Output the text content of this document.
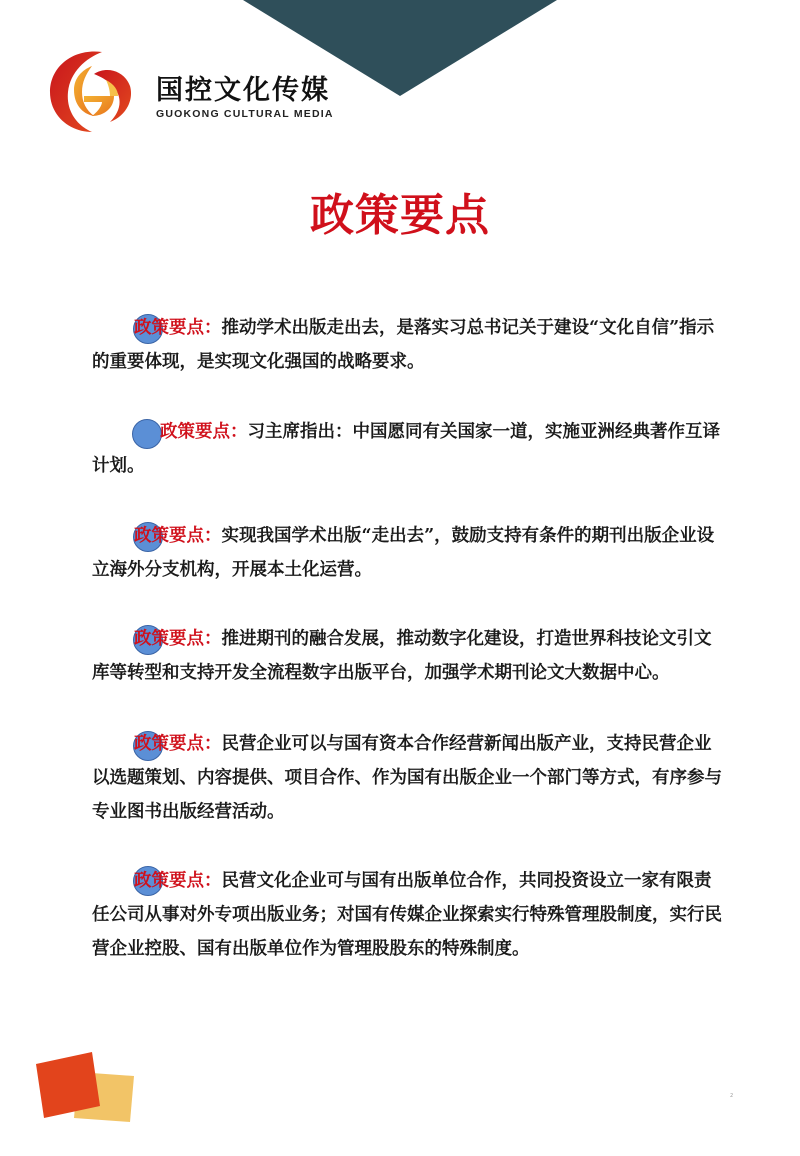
国控文化传媒
GUOKONG CULTURAL MEDIA
政策要点
政策要点：推动学术出版走出去，是落实习总书记关于建设“文化自信”指示的重要体现，是实现文化强国的战略要求。
政策要点：习主席指出：中国愿同有关国家一道，实施亚洲经典著作互译计划。
政策要点：实现我国学术出版“走出去”，鼓励支持有条件的期刊出版企业设立海外分支机构，开展本土化运营。
政策要点：推进期刊的融合发展，推动数字化建设，打造世界科技论文引文库等转型和支持开发全流程数字出版平台，加强学术期刊论文大数据中心。
政策要点：民营企业可以与国有资本合作经营新闻出版产业，支持民营企业以选题策划、内容提供、项目合作、作为国有出版企业一个部门等方式，有序参与专业图书出版经营活动。
政策要点：民营文化企业可与国有出版单位合作，共同投资设立一家有限责任公司从事对外专项出版业务；对国有传媒企业探索实行特殊管理股制度，实行民营企业控股、国有出版单位作为管理股股东的特殊制度。
2
